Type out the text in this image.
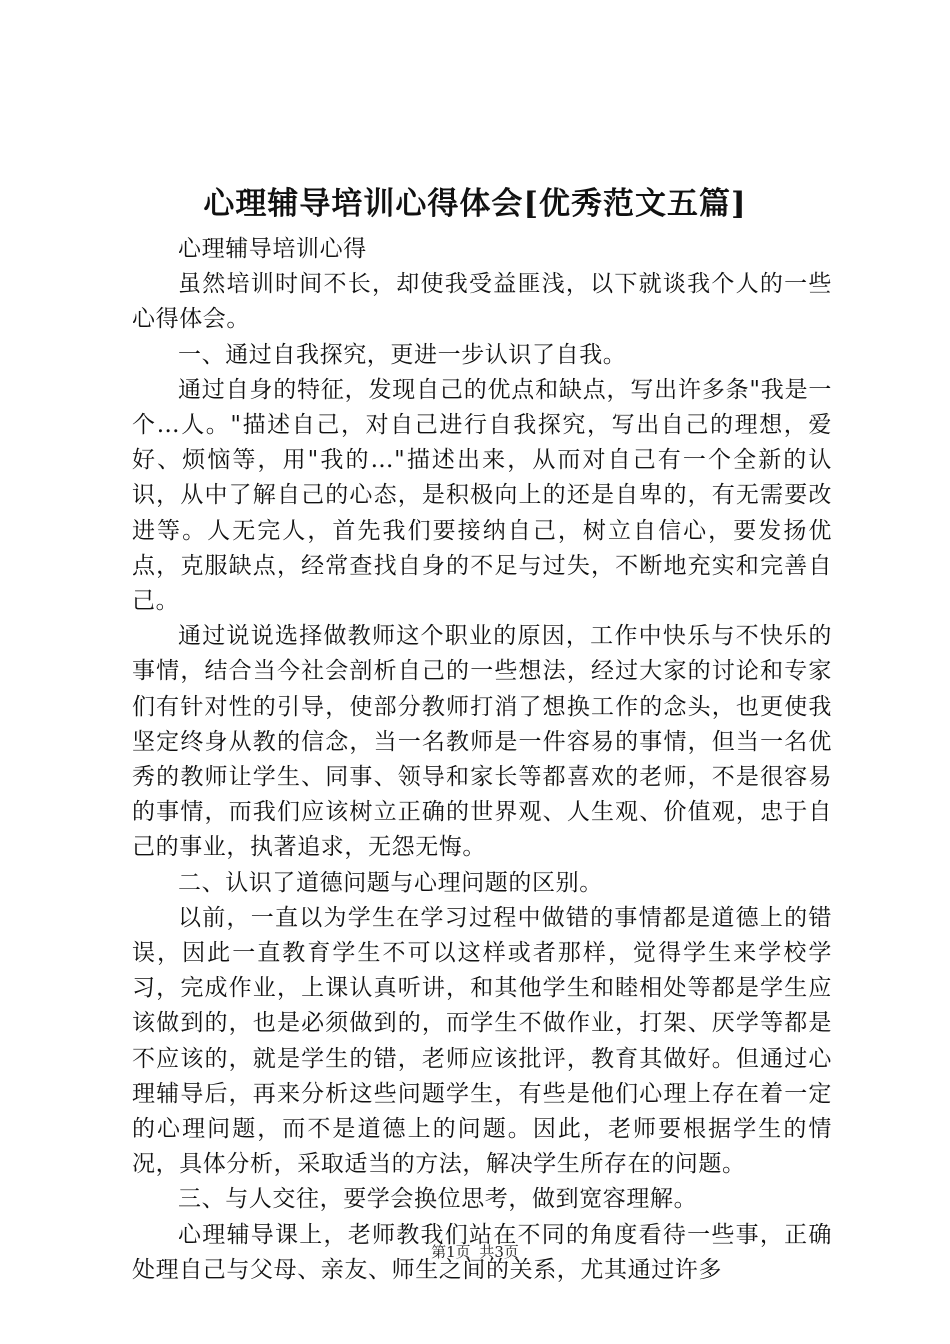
心理辅导培训心得体会[优秀范文五篇]

心理辅导培训心得

虽然培训时间不长，却使我受益匪浅，以下就谈我个人的一些心得体会。

一、通过自我探究，更进一步认识了自我。

通过自身的特征，发现自己的优点和缺点，写出许多条"我是一个…人。"描述自己，对自己进行自我探究，写出自己的理想，爱好、烦恼等，用"我的…"描述出来，从而对自己有一个全新的认识，从中了解自己的心态，是积极向上的还是自卑的，有无需要改进等。人无完人，首先我们要接纳自己，树立自信心，要发扬优点，克服缺点，经常查找自身的不足与过失，不断地充实和完善自己。

通过说说选择做教师这个职业的原因，工作中快乐与不快乐的事情，结合当今社会剖析自己的一些想法，经过大家的讨论和专家们有针对性的引导，使部分教师打消了想换工作的念头，也更使我坚定终身从教的信念，当一名教师是一件容易的事情，但当一名优秀的教师让学生、同事、领导和家长等都喜欢的老师，不是很容易的事情，而我们应该树立正确的世界观、人生观、价值观，忠于自己的事业，执著追求，无怨无悔。

二、认识了道德问题与心理问题的区别。

以前，一直以为学生在学习过程中做错的事情都是道德上的错误，因此一直教育学生不可以这样或者那样，觉得学生来学校学习，完成作业，上课认真听讲，和其他学生和睦相处等都是学生应该做到的，也是必须做到的，而学生不做作业，打架、厌学等都是不应该的，就是学生的错，老师应该批评，教育其做好。但通过心理辅导后，再来分析这些问题学生，有些是他们心理上存在着一定的心理问题，而不是道德上的问题。因此，老师要根据学生的情况，具体分析，采取适当的方法，解决学生所存在的问题。

三、与人交往，要学会换位思考，做到宽容理解。

心理辅导课上，老师教我们站在不同的角度看待一些事，正确处理自己与父母、亲友、师生之间的关系，尤其通过许多

第1页 共3页
